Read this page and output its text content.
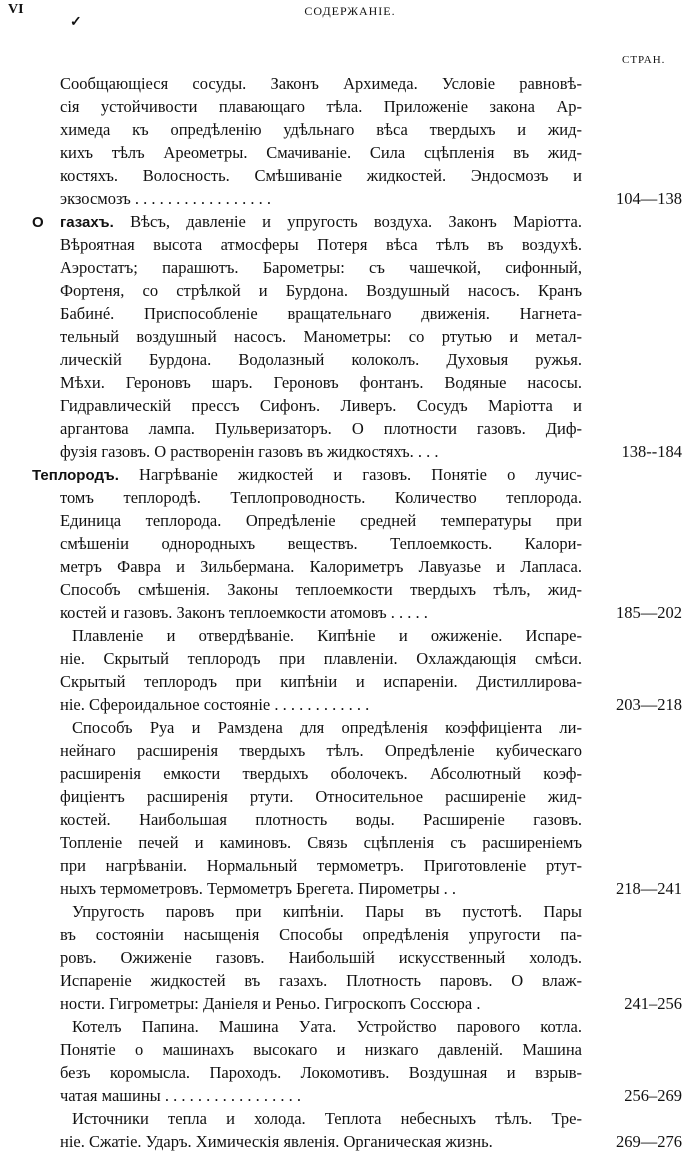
VI
✓
СОДЕРЖАНІЕ.
СТРАН.
Сообщающіеся сосуды. Законъ Архимеда. Условіе равновѣ-
сія устойчивости плавающаго тѣла. Приложеніе закона Ар-
химеда къ опредѣленію удѣльнаго вѣса твердыхъ и жид-
кихъ тѣлъ Ареометры. Смачиваніе. Сила сцѣпленія въ жид-
костяхъ. Волосность. Смѣшиваніе жидкостей. Эндосмозъ и
экзосмозъ . . . . . . . . . . . . . . . . .	104—138
О газахъ. Вѣсъ, давленіе и упругость воздуха. Законъ Маріотта.
Вѣроятная высота атмосферы Потеря вѣса тѣлъ въ воздухѣ.
Аэростатъ; парашютъ. Барометры: съ чашечкой, сифонный,
Фортеня, со стрѣлкой и Бурдона. Воздушный насосъ. Кранъ
Бабинé. Приспособленіе вращательнаго движенія. Нагнета-
тельный воздушный насосъ. Манометры: со ртутью и метал-
лическій Бурдона. Водолазный колоколъ. Духовыя ружья.
Мѣхи. Героновъ шаръ. Героновъ фонтанъ. Водяные насосы.
Гидравлическій прессъ Сифонъ. Ливеръ. Сосудъ Маріотта и
аргантова лампа. Пульверизаторъ. О плотности газовъ. Диф-
фузія газовъ. О растворенін газовъ въ жидкостяхъ. . . .	138--184
Теплородъ. Нагрѣваніе жидкостей и газовъ. Понятіе о лучис-
томъ теплородѣ. Теплопроводность. Количество теплорода.
Единица теплорода. Опредѣленіе средней температуры при
смѣшеніи однородныхъ веществъ. Теплоемкость. Калори-
метръ Фавра и Зильбермана. Калориметръ Лавуазье и Лапласа.
Способъ смѣшенія. Законы теплоемкости твердыхъ тѣлъ, жид-
костей и газовъ. Законъ теплоемкости атомовъ . . . . .	185—202
Плавленіе и отвердѣваніе. Кипѣніе и ожиженіе. Испаре-
ніе. Скрытый теплородъ при плавленіи. Охлаждающія смѣси.
Скрытый теплородъ при кипѣніи и испареніи. Дистиллирова-
ніе. Сфероидальное состояніе . . . . . . . . . . . .	203—218
Способъ Руа и Рамздена для опредѣленія коэффиціента ли-
нейнаго расширенія твердыхъ тѣлъ. Опредѣленіе кубическаго
расширенія емкости твердыхъ оболочекъ. Абсолютный коэф-
фиціентъ расширенія ртути. Относительное расширеніе жид-
костей. Наибольшая плотность воды. Расширеніе газовъ.
Топленіе печей и каминовъ. Связь сцѣпленія съ расширеніемъ
при нагрѣваніи. Нормальный термометръ. Приготовленіе ртут-
ныхъ термометровъ. Термометръ Брегета. Пирометры . .	218—241
Упругость паровъ при кипѣніи. Пары въ пустотѣ. Пары
въ состояніи насыщенія Способы опредѣленія упругости па-
ровъ. Ожиженіе газовъ. Наибольшій искусственный холодъ.
Испареніе жидкостей въ газахъ. Плотность паровъ. О влаж-
ности. Гигрометры: Даніеля и Реньо. Гигроскопъ Соссюра .	241–256
Котелъ Папина. Машина Уата. Устройство парового котла.
Понятіе о машинахъ высокаго и низкаго давленій. Машина
безъ коромысла. Пароходъ. Локомотивъ. Воздушная и взрыв-
чатая машины . . . . . . . . . . . . . . . . .	256–269
Источники тепла и холода. Теплота небесныхъ тѣлъ. Тре-
ніе. Сжатіе. Ударъ. Химическія явленія. Органическая жизнь.	269—276
